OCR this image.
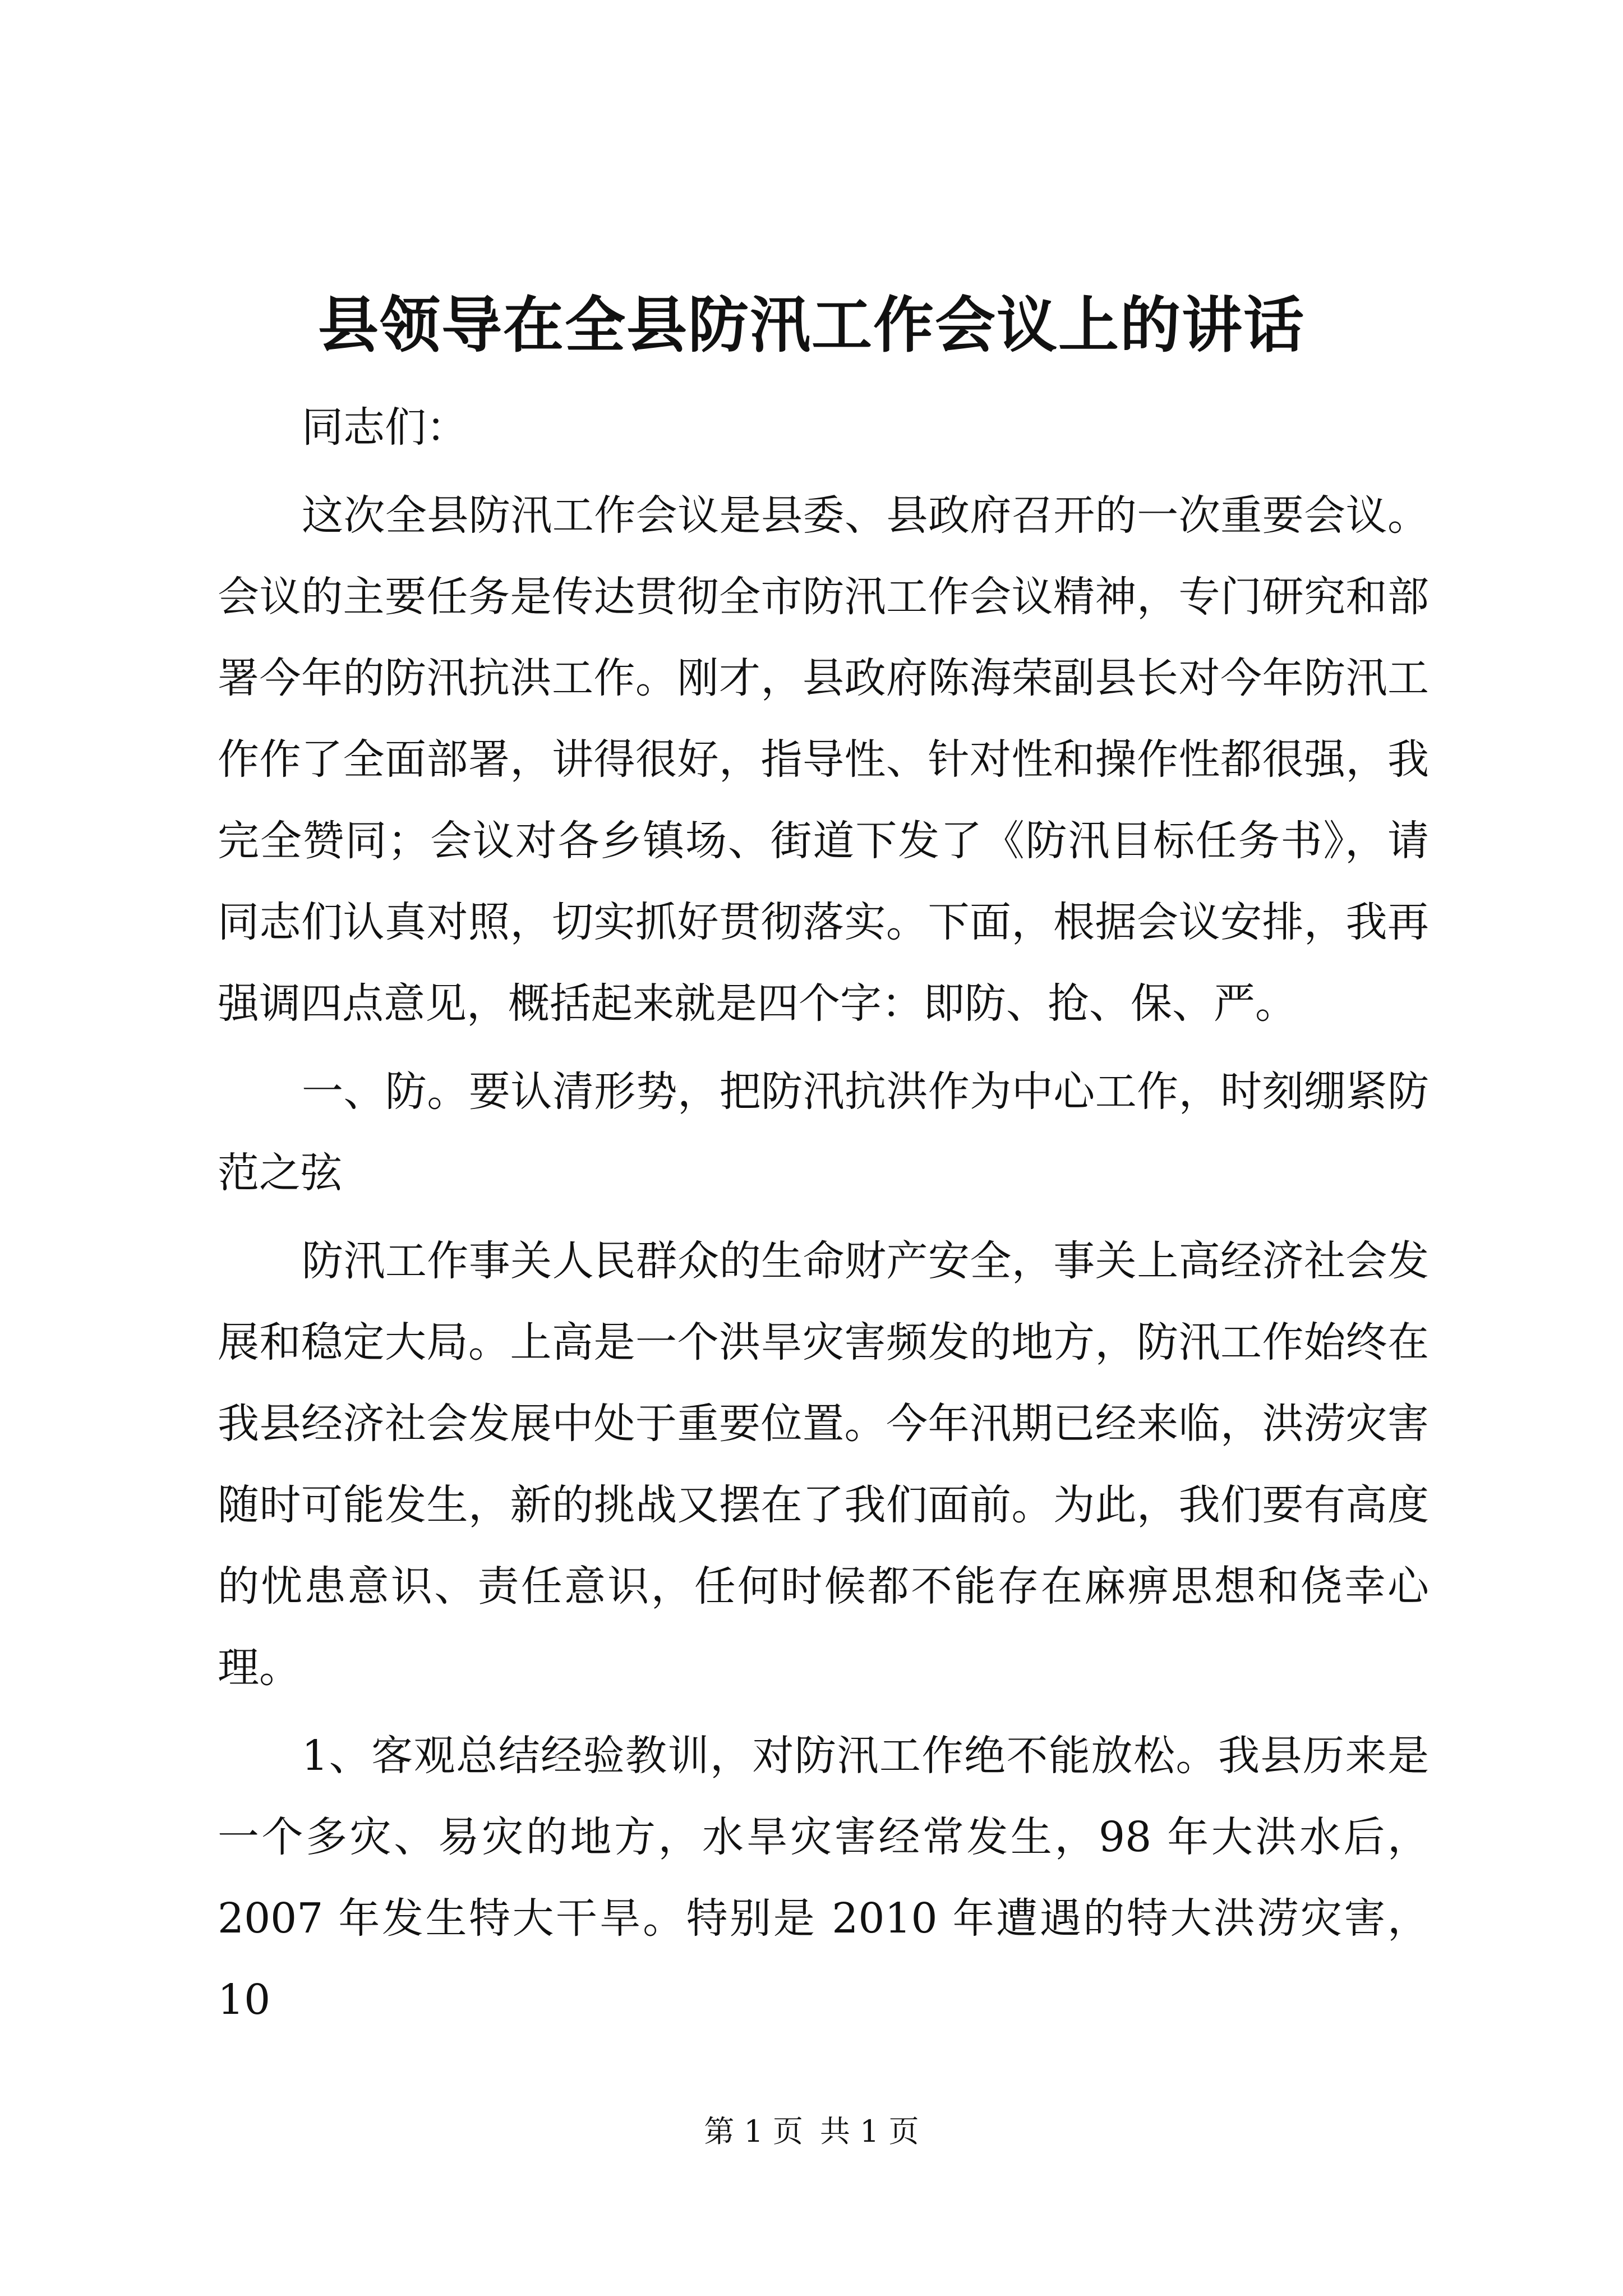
县领导在全县防汛工作会议上的讲话

同志们：

这次全县防汛工作会议是县委、县政府召开的一次重要会议。会议的主要任务是传达贯彻全市防汛工作会议精神，专门研究和部署今年的防汛抗洪工作。刚才，县政府陈海荣副县长对今年防汛工作作了全面部署，讲得很好，指导性、针对性和操作性都很强，我完全赞同；会议对各乡镇场、街道下发了《防汛目标任务书》，请同志们认真对照，切实抓好贯彻落实。下面，根据会议安排，我再强调四点意见，概括起来就是四个字：即防、抢、保、严。

一、防。要认清形势，把防汛抗洪作为中心工作，时刻绷紧防范之弦

防汛工作事关人民群众的生命财产安全，事关上高经济社会发展和稳定大局。上高是一个洪旱灾害频发的地方，防汛工作始终在我县经济社会发展中处于重要位置。今年汛期已经来临，洪涝灾害随时可能发生，新的挑战又摆在了我们面前。为此，我们要有高度的忧患意识、责任意识，任何时候都不能存在麻痹思想和侥幸心理。

1、客观总结经验教训，对防汛工作绝不能放松。我县历来是一个多灾、易灾的地方，水旱灾害经常发生，98 年大洪水后，2007 年发生特大干旱。特别是 2010 年遭遇的特大洪涝灾害，10

第 1 页 共 1 页
